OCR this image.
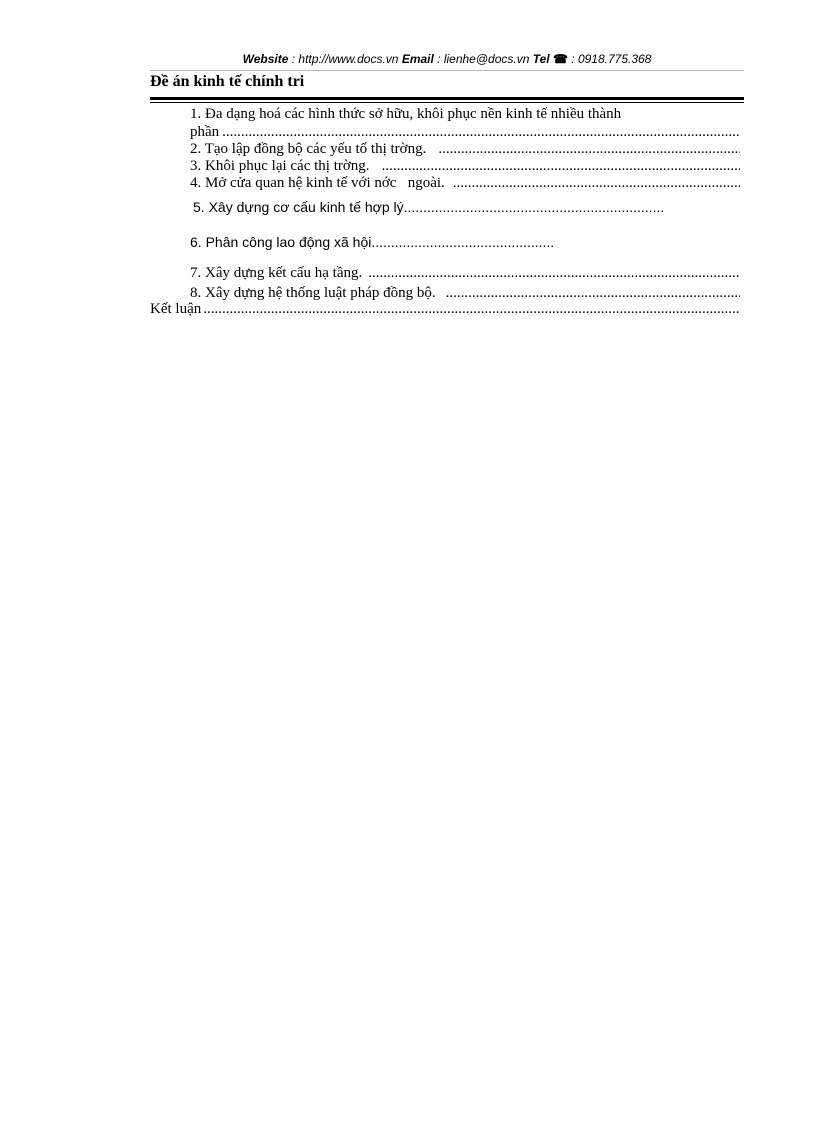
Website : http://www.docs.vn Email : lienhe@docs.vn Tel ☎ : 0918.775.368
Đề án kinh tế chính tri
1. Đa dạng hoá các hình thức sở hữu, khôi phục nền kinh tế nhiều thành
phần
.....
2. Tạo lập đồng bộ các yếu tố thị trờng.
.....
3. Khôi phục lại các thị trờng.
.....
4. Mở cửa quan hệ kinh tế với nớc   ngoài.
.....
5. Xây dựng cơ cấu kinh tế hợp lý
.....
6. Phân công lao động xã hội
.....
7. Xây dựng kết cấu hạ tầng.
.....
8. Xây dựng hệ thống luật pháp đồng bộ.
.....
Kết luận
.....
